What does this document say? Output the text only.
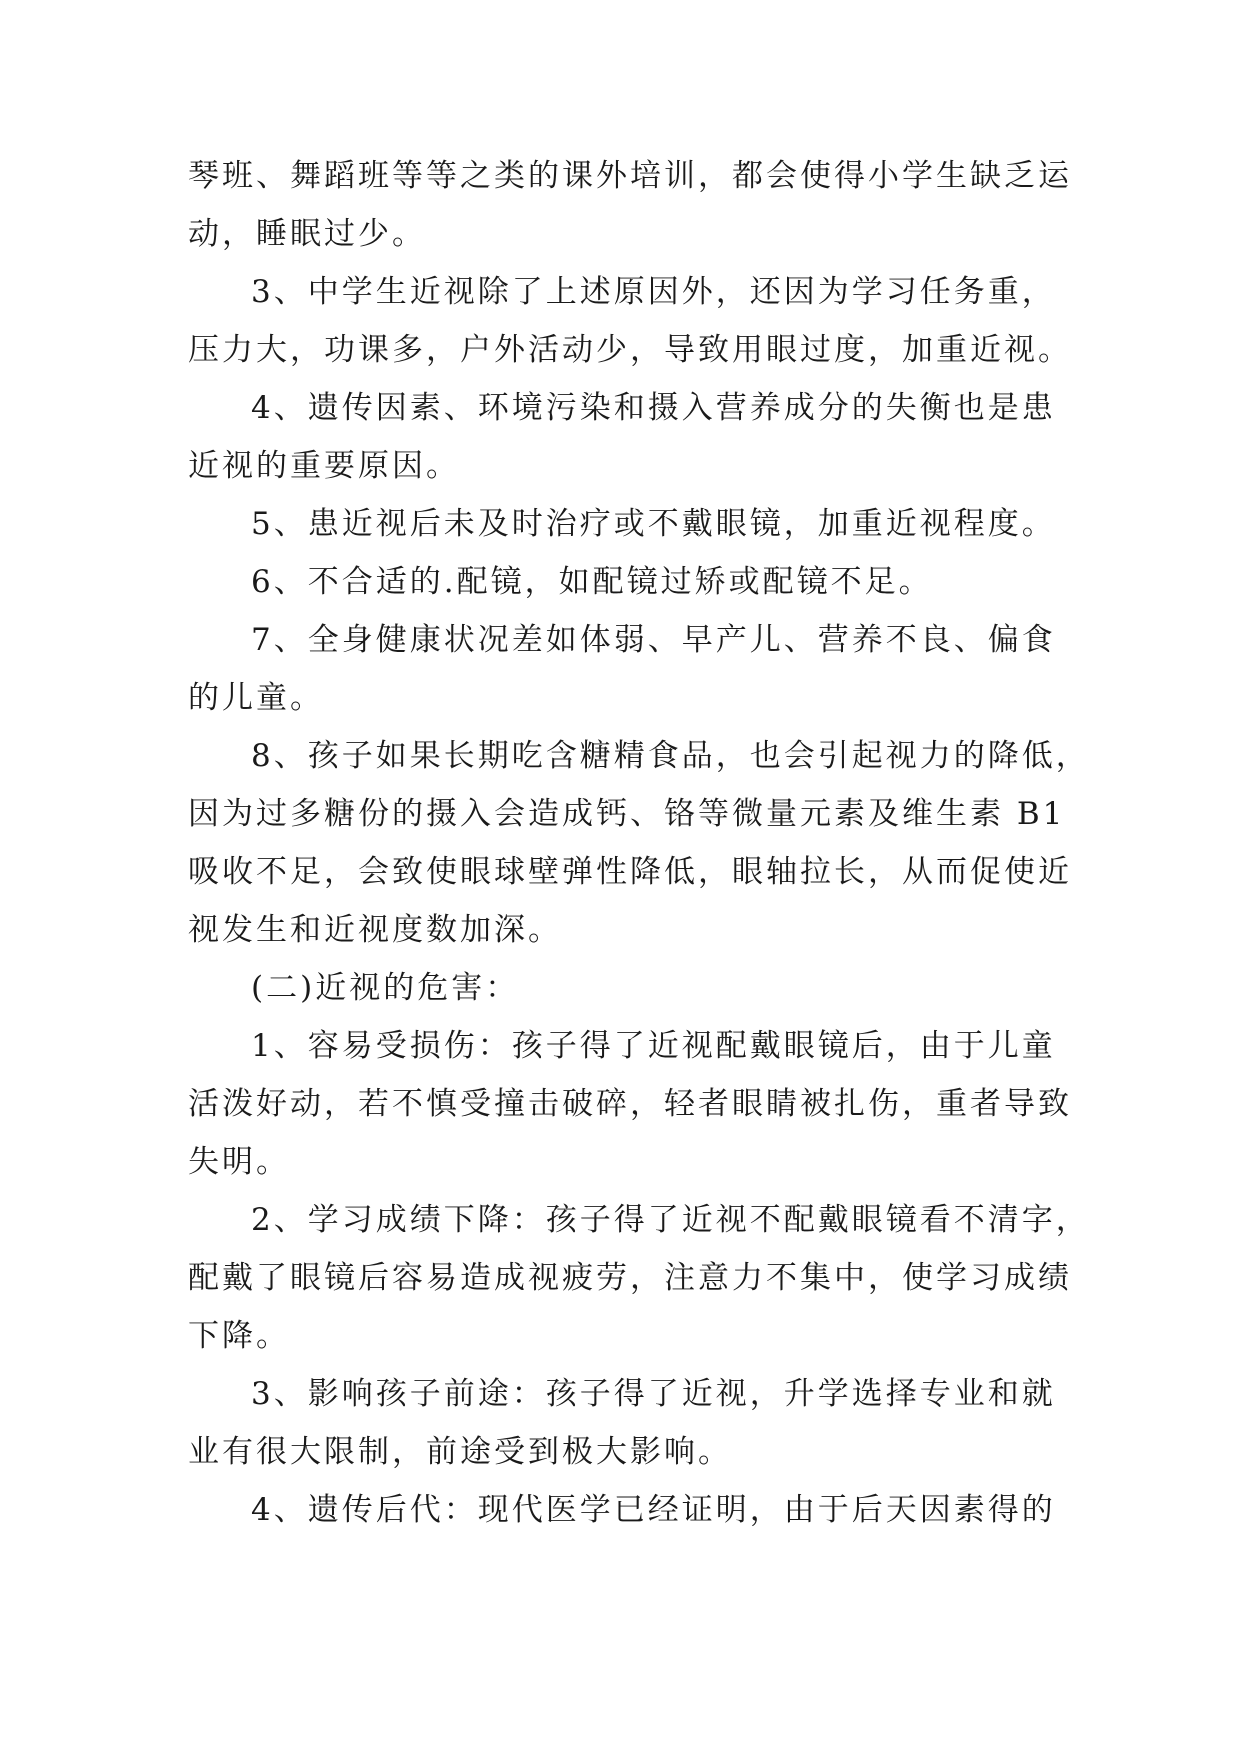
琴班、舞蹈班等等之类的课外培训，都会使得小学生缺乏运
动，睡眠过少。
3、中学生近视除了上述原因外，还因为学习任务重，
压力大，功课多，户外活动少，导致用眼过度，加重近视。
4、遗传因素、环境污染和摄入营养成分的失衡也是患
近视的重要原因。
5、患近视后未及时治疗或不戴眼镜，加重近视程度。
6、不合适的.配镜，如配镜过矫或配镜不足。
7、全身健康状况差如体弱、早产儿、营养不良、偏食
的儿童。
8、孩子如果长期吃含糖精食品，也会引起视力的降低，
因为过多糖份的摄入会造成钙、铬等微量元素及维生素 B1
吸收不足，会致使眼球壁弹性降低，眼轴拉长，从而促使近
视发生和近视度数加深。
(二)近视的危害：
1、容易受损伤：孩子得了近视配戴眼镜后，由于儿童
活泼好动，若不慎受撞击破碎，轻者眼睛被扎伤，重者导致
失明。
2、学习成绩下降：孩子得了近视不配戴眼镜看不清字，
配戴了眼镜后容易造成视疲劳，注意力不集中，使学习成绩
下降。
3、影响孩子前途：孩子得了近视，升学选择专业和就
业有很大限制，前途受到极大影响。
4、遗传后代：现代医学已经证明，由于后天因素得的
